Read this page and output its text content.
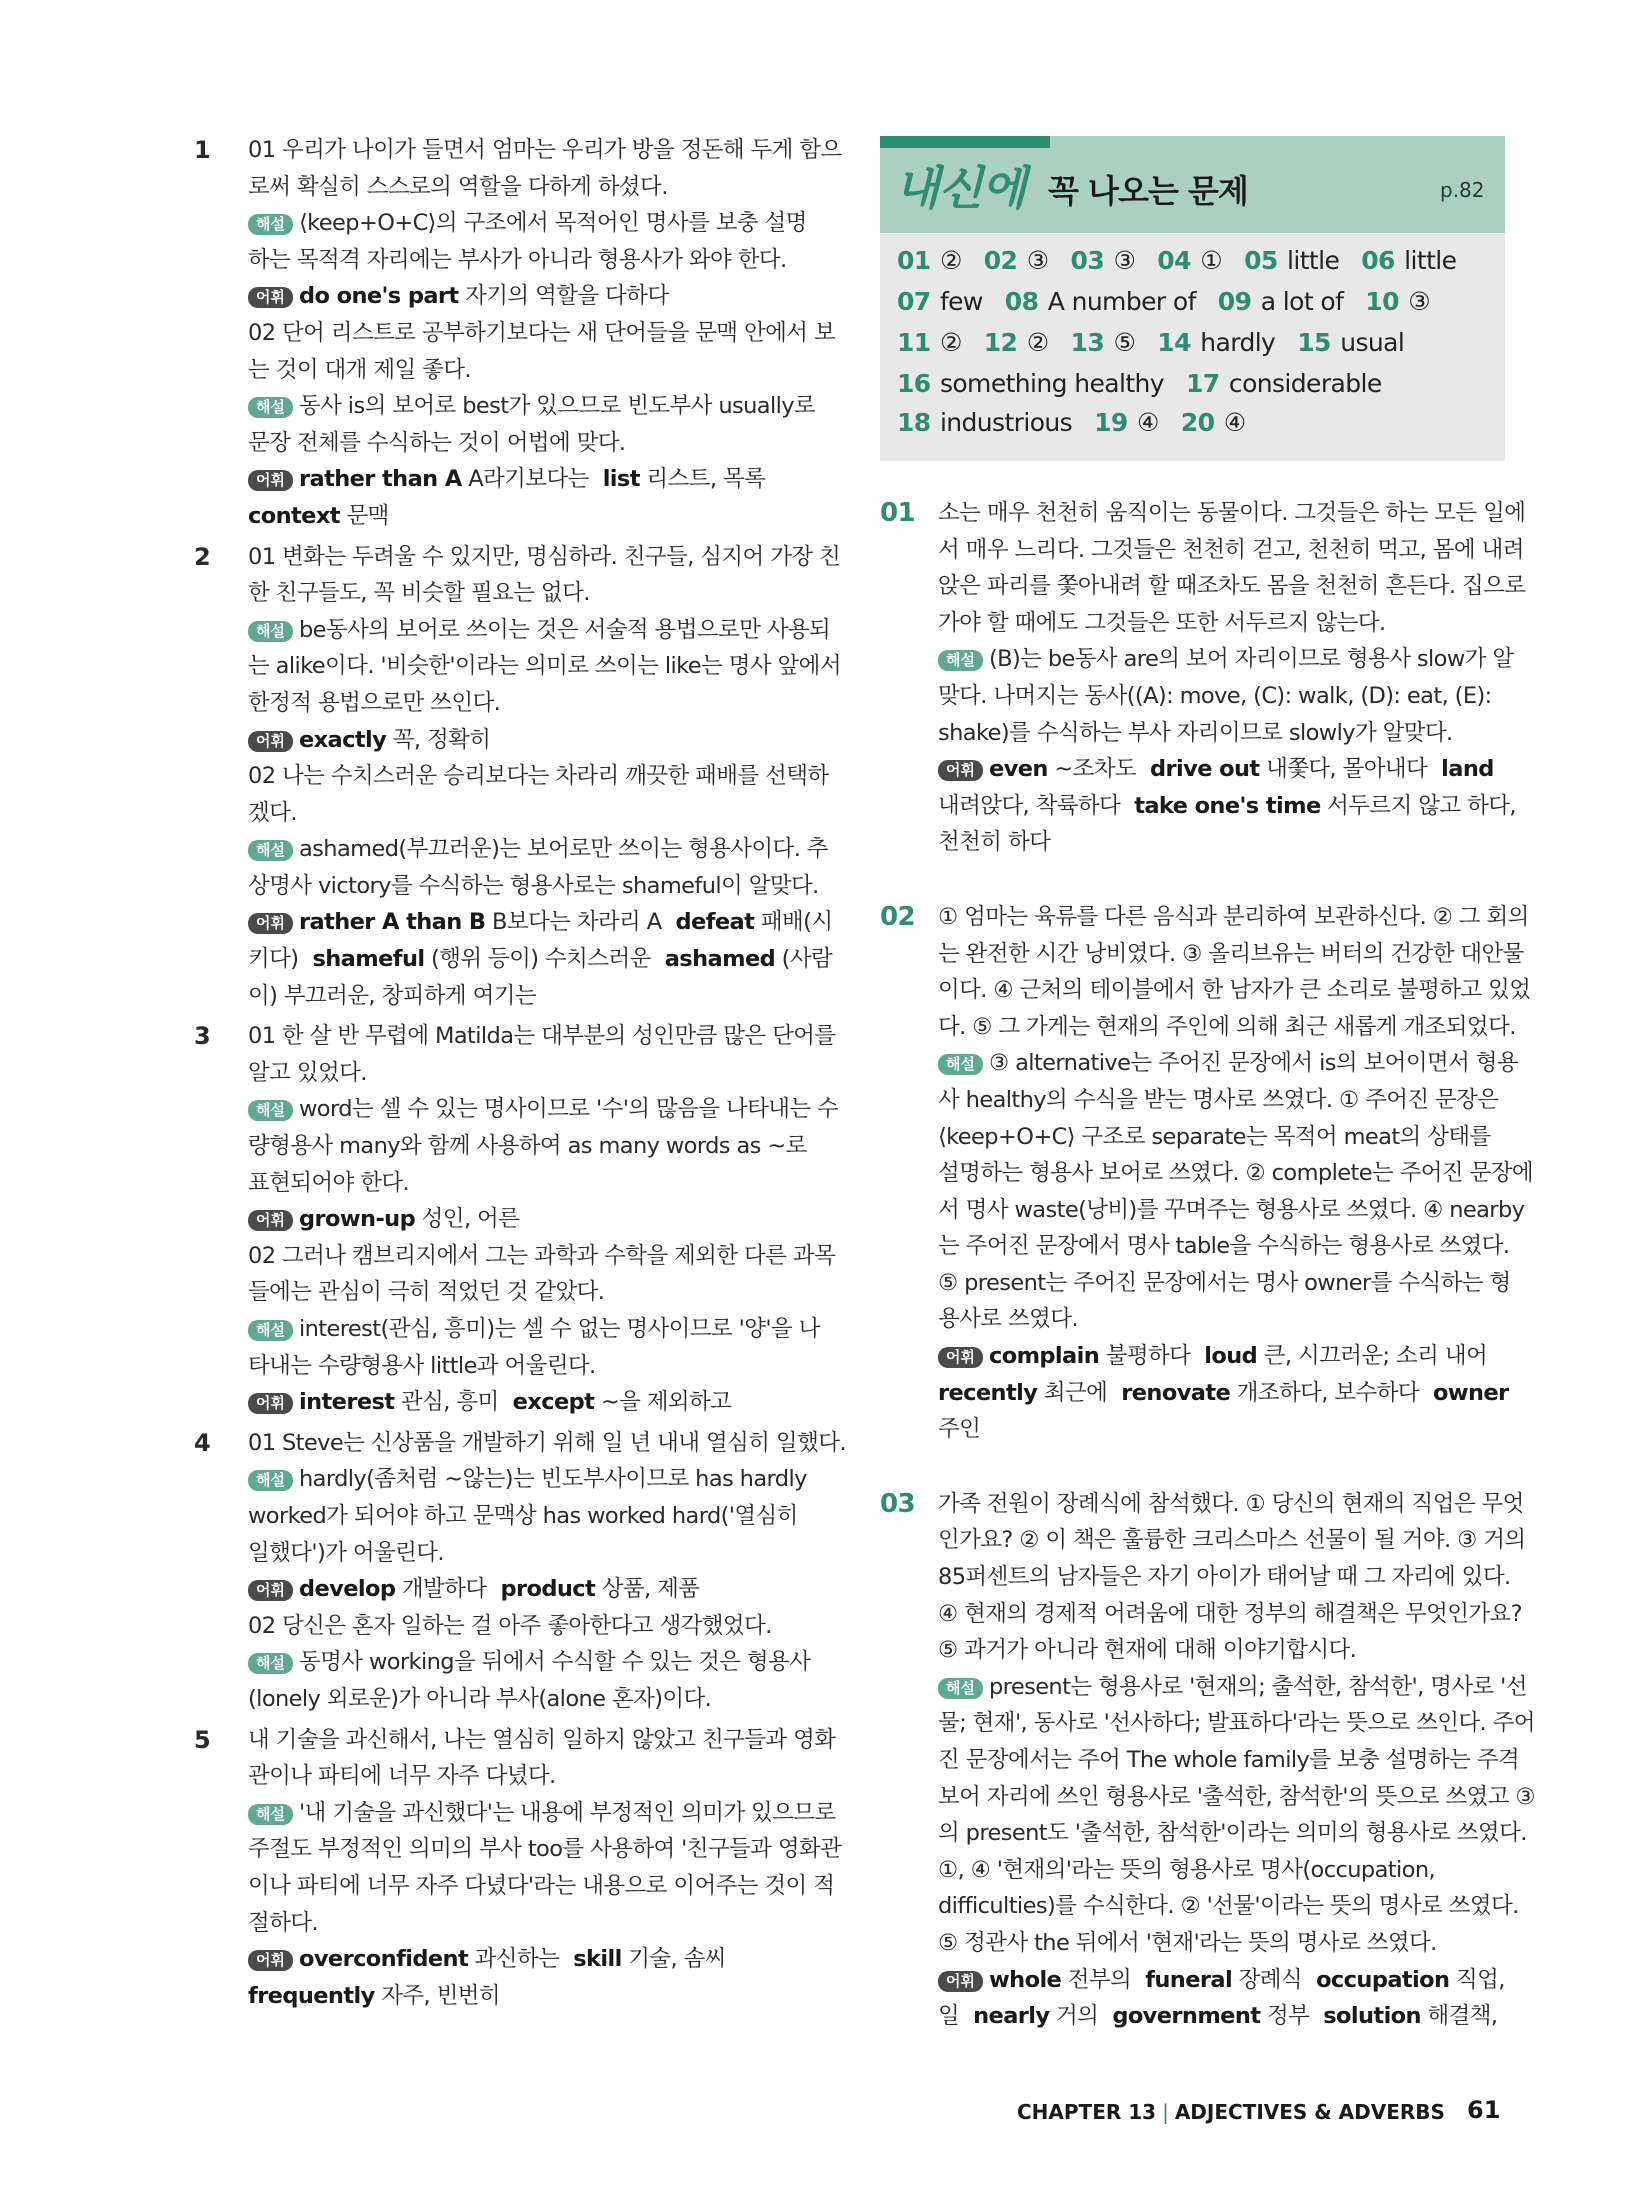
내신에 꼭 나오는 문제	p.82
01 ② 02 ③ 03 ③ 04 ① 05 little 06 little
07 few 08 A number of 09 a lot of 10 ③
11 ② 12 ② 13 ⑤ 14 hardly 15 usual
16 something healthy 17 considerable
18 industrious 19 ④ 20 ④
1 01 우리가 나이가 들면서 엄마는 우리가 방을 정돈해 두게 함으
로써 확실히 스스로의 역할을 다하게 하셨다.
해설 ⟨keep+O+C⟩의 구조에서 목적어인 명사를 보충 설명
하는 목적격 자리에는 부사가 아니라 형용사가 와야 한다.
어휘 do one's part 자기의 역할을 다하다
02 단어 리스트로 공부하기보다는 새 단어들을 문맥 안에서 보
는 것이 대개 제일 좋다.
해설 동사 is의 보어로 best가 있으므로 빈도부사 usually로
문장 전체를 수식하는 것이 어법에 맞다.
어휘 rather than A A라기보다는 list 리스트, 목록
context 문맥
2 01 변화는 두려울 수 있지만, 명심하라. 친구들, 심지어 가장 친
한 친구들도, 꼭 비슷할 필요는 없다.
해설 be동사의 보어로 쓰이는 것은 서술적 용법으로만 사용되
는 alike이다. '비슷한'이라는 의미로 쓰이는 like는 명사 앞에서
한정적 용법으로만 쓰인다.
어휘 exactly 꼭, 정확히
02 나는 수치스러운 승리보다는 차라리 깨끗한 패배를 선택하
겠다.
해설 ashamed(부끄러운)는 보어로만 쓰이는 형용사이다. 추
상명사 victory를 수식하는 형용사로는 shameful이 알맞다.
어휘 rather A than B B보다는 차라리 A defeat 패배(시
키다) shameful (행위 등이) 수치스러운 ashamed (사람
이) 부끄러운, 창피하게 여기는
3 01 한 살 반 무렵에 Matilda는 대부분의 성인만큼 많은 단어를
알고 있었다.
해설 word는 셀 수 있는 명사이므로 '수'의 많음을 나타내는 수
량형용사 many와 함께 사용하여 as many words as ~로
표현되어야 한다.
어휘 grown-up 성인, 어른
02 그러나 캠브리지에서 그는 과학과 수학을 제외한 다른 과목
들에는 관심이 극히 적었던 것 같았다.
해설 interest(관심, 흥미)는 셀 수 없는 명사이므로 '양'을 나
타내는 수량형용사 little과 어울린다.
어휘 interest 관심, 흥미 except ~을 제외하고
4 01 Steve는 신상품을 개발하기 위해 일 년 내내 열심히 일했다.
해설 hardly(좀처럼 ~않는)는 빈도부사이므로 has hardly
worked가 되어야 하고 문맥상 has worked hard('열심히
일했다')가 어울린다.
어휘 develop 개발하다 product 상품, 제품
02 당신은 혼자 일하는 걸 아주 좋아한다고 생각했었다.
해설 동명사 working을 뒤에서 수식할 수 있는 것은 형용사
(lonely 외로운)가 아니라 부사(alone 혼자)이다.
5 내 기술을 과신해서, 나는 열심히 일하지 않았고 친구들과 영화
관이나 파티에 너무 자주 다녔다.
해설 '내 기술을 과신했다'는 내용에 부정적인 의미가 있으므로
주절도 부정적인 의미의 부사 too를 사용하여 '친구들과 영화관
이나 파티에 너무 자주 다녔다'라는 내용으로 이어주는 것이 적
절하다.
어휘 overconfident 과신하는 skill 기술, 솜씨
frequently 자주, 빈번히
01 소는 매우 천천히 움직이는 동물이다. 그것들은 하는 모든 일에
서 매우 느리다. 그것들은 천천히 걷고, 천천히 먹고, 몸에 내려
앉은 파리를 쫓아내려 할 때조차도 몸을 천천히 흔든다. 집으로
가야 할 때에도 그것들은 또한 서두르지 않는다.
해설 (B)는 be동사 are의 보어 자리이므로 형용사 slow가 알
맞다. 나머지는 동사((A): move, (C): walk, (D): eat, (E):
shake)를 수식하는 부사 자리이므로 slowly가 알맞다.
어휘 even ~조차도 drive out 내쫓다, 몰아내다 land
내려앉다, 착륙하다 take one's time 서두르지 않고 하다,
천천히 하다
02 ① 엄마는 육류를 다른 음식과 분리하여 보관하신다. ② 그 회의
는 완전한 시간 낭비였다. ③ 올리브유는 버터의 건강한 대안물
이다. ④ 근처의 테이블에서 한 남자가 큰 소리로 불평하고 있었
다. ⑤ 그 가게는 현재의 주인에 의해 최근 새롭게 개조되었다.
해설 ③ alternative는 주어진 문장에서 is의 보어이면서 형용
사 healthy의 수식을 받는 명사로 쓰였다. ① 주어진 문장은
⟨keep+O+C⟩ 구조로 separate는 목적어 meat의 상태를
설명하는 형용사 보어로 쓰였다. ② complete는 주어진 문장에
서 명사 waste(낭비)를 꾸며주는 형용사로 쓰였다. ④ nearby
는 주어진 문장에서 명사 table을 수식하는 형용사로 쓰였다.
⑤ present는 주어진 문장에서는 명사 owner를 수식하는 형
용사로 쓰였다.
어휘 complain 불평하다 loud 큰, 시끄러운; 소리 내어
recently 최근에 renovate 개조하다, 보수하다 owner
주인
03 가족 전원이 장례식에 참석했다. ① 당신의 현재의 직업은 무엇
인가요? ② 이 책은 훌륭한 크리스마스 선물이 될 거야. ③ 거의
85퍼센트의 남자들은 자기 아이가 태어날 때 그 자리에 있다.
④ 현재의 경제적 어려움에 대한 정부의 해결책은 무엇인가요?
⑤ 과거가 아니라 현재에 대해 이야기합시다.
해설 present는 형용사로 '현재의; 출석한, 참석한', 명사로 '선
물; 현재', 동사로 '선사하다; 발표하다'라는 뜻으로 쓰인다. 주어
진 문장에서는 주어 The whole family를 보충 설명하는 주격
보어 자리에 쓰인 형용사로 '출석한, 참석한'의 뜻으로 쓰였고 ③
의 present도 '출석한, 참석한'이라는 의미의 형용사로 쓰였다.
①, ④ '현재의'라는 뜻의 형용사로 명사(occupation,
difficulties)를 수식한다. ② '선물'이라는 뜻의 명사로 쓰였다.
⑤ 정관사 the 뒤에서 '현재'라는 뜻의 명사로 쓰였다.
어휘 whole 전부의 funeral 장례식 occupation 직업,
일 nearly 거의 government 정부 solution 해결책,
CHAPTER 13 | ADJECTIVES & ADVERBS 61
